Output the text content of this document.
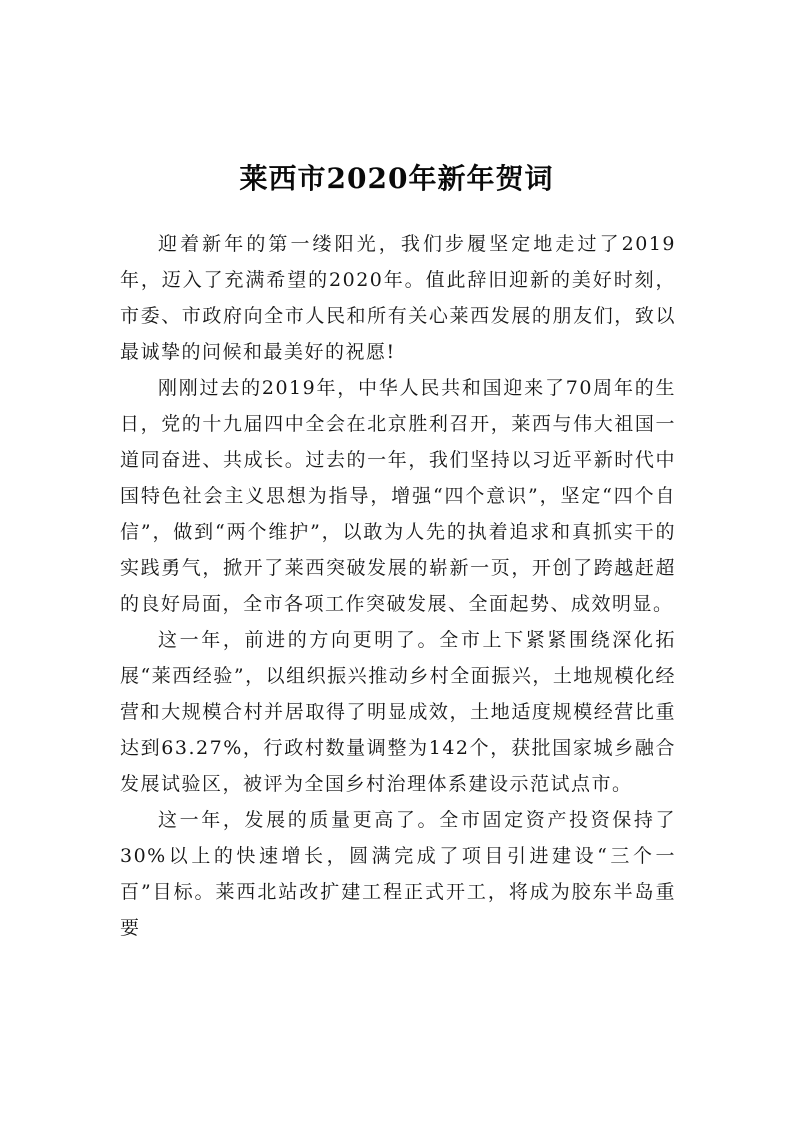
莱西市2020年新年贺词

迎着新年的第一缕阳光，我们步履坚定地走过了2019年，迈入了充满希望的2020年。值此辞旧迎新的美好时刻，市委、市政府向全市人民和所有关心莱西发展的朋友们，致以最诚挚的问候和最美好的祝愿!

刚刚过去的2019年，中华人民共和国迎来了70周年的生日，党的十九届四中全会在北京胜利召开，莱西与伟大祖国一道同奋进、共成长。过去的一年，我们坚持以习近平新时代中国特色社会主义思想为指导，增强“四个意识”，坚定“四个自信”，做到“两个维护”，以敢为人先的执着追求和真抓实干的实践勇气，掀开了莱西突破发展的崭新一页，开创了跨越赶超的良好局面，全市各项工作突破发展、全面起势、成效明显。

这一年，前进的方向更明了。全市上下紧紧围绕深化拓展“莱西经验”，以组织振兴推动乡村全面振兴，土地规模化经营和大规模合村并居取得了明显成效，土地适度规模经营比重达到63.27%，行政村数量调整为142个，获批国家城乡融合发展试验区，被评为全国乡村治理体系建设示范试点市。

这一年，发展的质量更高了。全市固定资产投资保持了30%以上的快速增长，圆满完成了项目引进建设“三个一百”目标。莱西北站改扩建工程正式开工，将成为胶东半岛重要
